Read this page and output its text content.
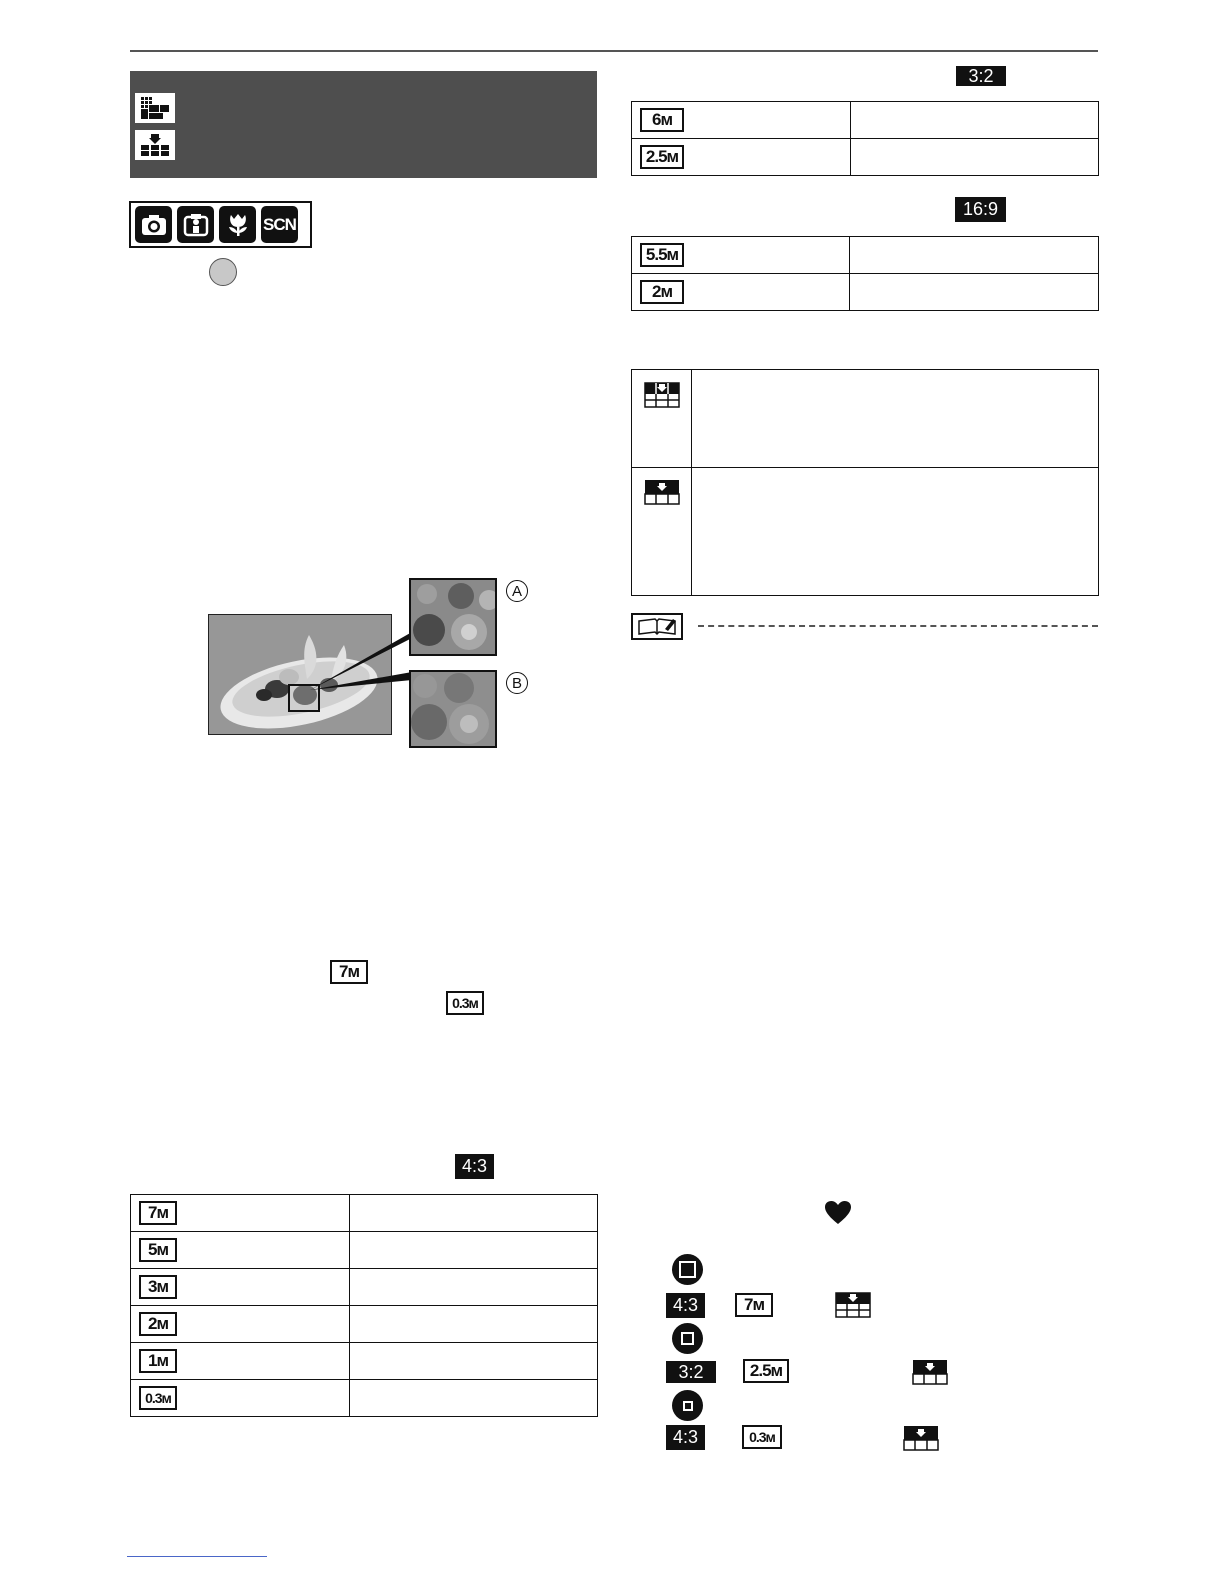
SCN
A
B
7м
0.3м
4:3
7м	
5м	
3м	
2м	
1м	
0.3м	
3:2
6м	
2.5м	
16:9
5.5м	
2м	
4:3	7м
3:2	2.5м
4:3	0.3м
